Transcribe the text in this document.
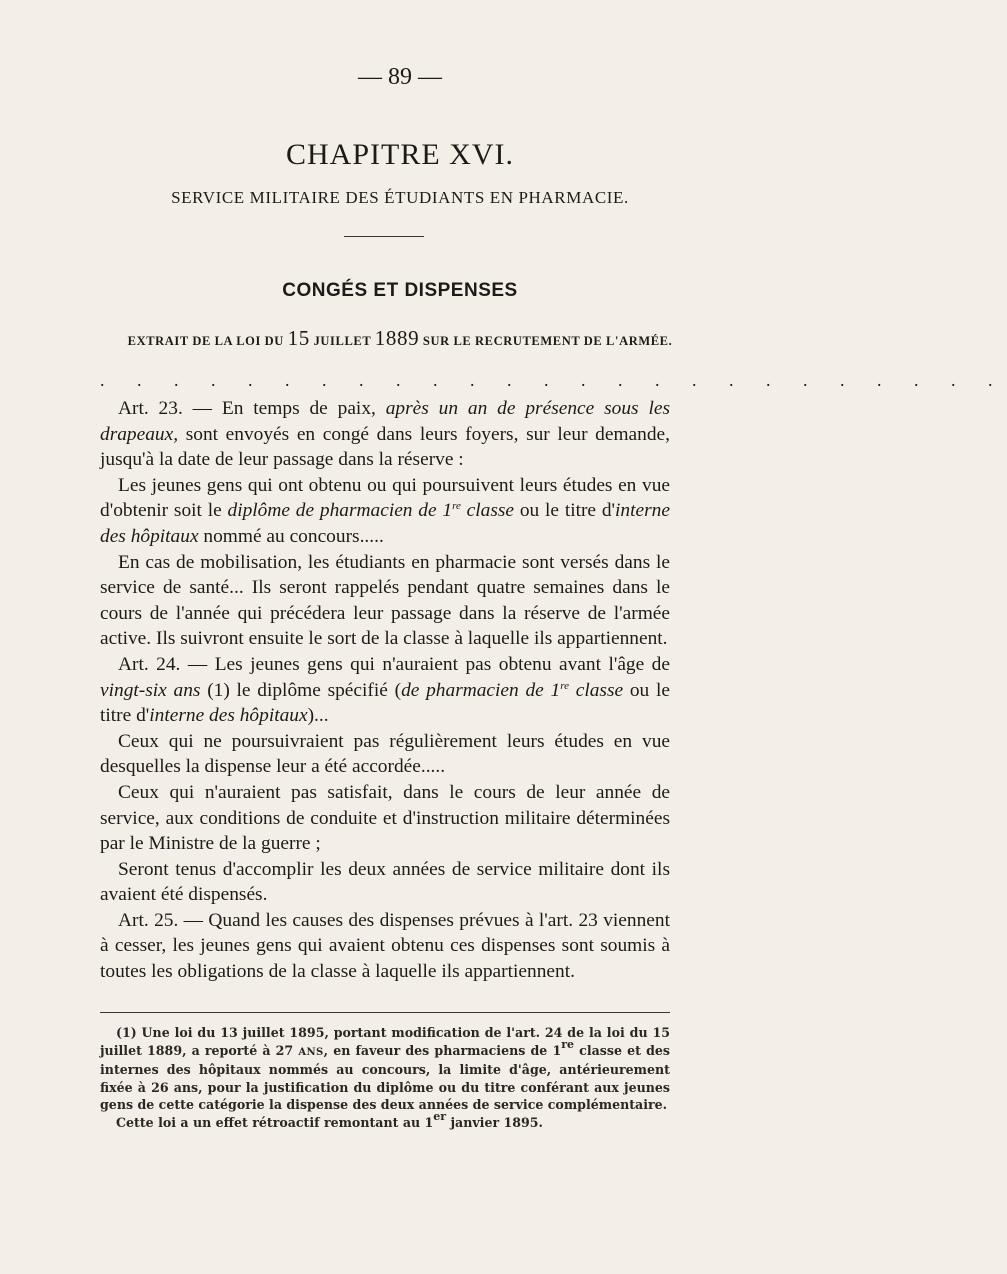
— 89 —
CHAPITRE XVI.
SERVICE MILITAIRE DES ÉTUDIANTS EN PHARMACIE.
CONGÉS ET DISPENSES
EXTRAIT DE LA LOI DU 15 JUILLET 1889 SUR LE RECRUTEMENT DE L'ARMÉE.
. . . . . . . . . . . . . . . . . . . . . . . . .

Art. 23. — En temps de paix, après un an de présence sous les drapeaux, sont envoyés en congé dans leurs foyers, sur leur demande, jusqu'à la date de leur passage dans la réserve :

Les jeunes gens qui ont obtenu ou qui poursuivent leurs études en vue d'obtenir soit le diplôme de pharmacien de 1re classe ou le titre d'interne des hôpitaux nommé au concours.....

En cas de mobilisation, les étudiants en pharmacie sont versés dans le service de santé... Ils seront rappelés pendant quatre semaines dans le cours de l'année qui précédera leur passage dans la réserve de l'armée active. Ils suivront ensuite le sort de la classe à laquelle ils appartiennent.

Art. 24. — Les jeunes gens qui n'auraient pas obtenu avant l'âge de vingt-six ans (1) le diplôme spécifié (de pharmacien de 1re classe ou le titre d'interne des hôpitaux)...

Ceux qui ne poursuivraient pas régulièrement leurs études en vue desquelles la dispense leur a été accordée.....

Ceux qui n'auraient pas satisfait, dans le cours de leur année de service, aux conditions de conduite et d'instruction militaire déterminées par le Ministre de la guerre ;

Seront tenus d'accomplir les deux années de service militaire dont ils avaient été dispensés.

Art. 25. — Quand les causes des dispenses prévues à l'art. 23 viennent à cesser, les jeunes gens qui avaient obtenu ces dispenses sont soumis à toutes les obligations de la classe à laquelle ils appartiennent.

(1) Une loi du 13 juillet 1895, portant modification de l'art. 24 de la loi du 15 juillet 1889, a reporté à 27 ANS, en faveur des pharmaciens de 1re classe et des internes des hôpitaux nommés au concours, la limite d'âge, antérieurement fixée à 26 ans, pour la justification du diplôme ou du titre conférant aux jeunes gens de cette catégorie la dispense des deux années de service complémentaire.

Cette loi a un effet rétroactif remontant au 1er janvier 1895.
